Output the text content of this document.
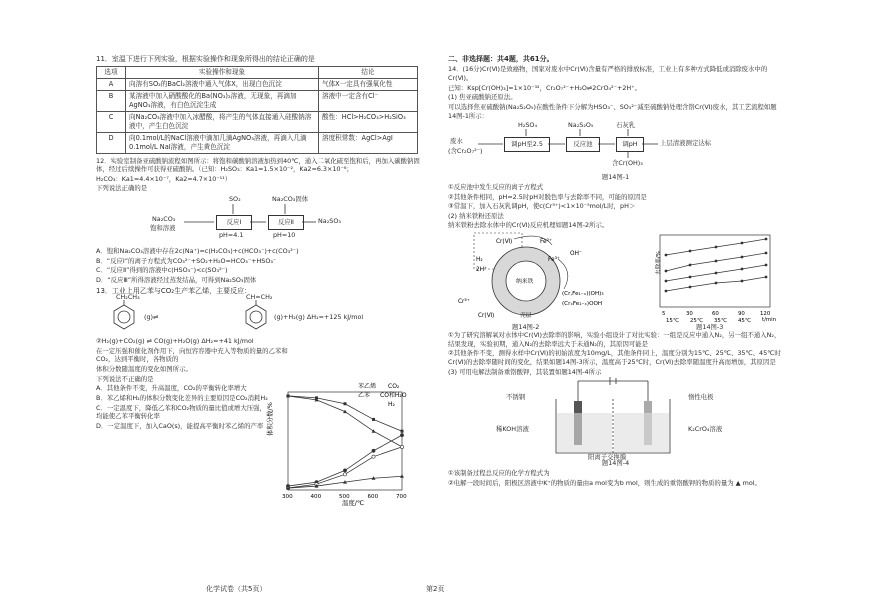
11．室温下进行下列实验，根据实验操作和现象所得出的结论正确的是

选项	实验操作和现象	结论
A	向溶有SO₂的BaCl₂溶液中通入气体X，出现白色沉淀	气体X一定具有强氧化性
B	某溶液中加入硝酸酸化的Ba(NO₃)₂溶液，无现象，再滴加AgNO₃溶液，有白色沉淀生成	溶液中一定含有Cl⁻
C	向Na₂CO₃溶液中加入冰醋酸，将产生的气体直接通入硅酸钠溶液中，产生白色沉淀	酸性：HCl>H₂CO₃>H₂SiO₃
D	向0.1mol/L的NaCl溶液中滴加几滴AgNO₃溶液，再滴入几滴0.1mol/L NaI溶液，产生黄色沉淀	溶度积常数：AgCl>AgI

12．实验室制备亚硫酸钠流程如图所示：将饱和碳酸钠溶液加热到40℃，通入二氧化硫至饱和后，再加入碳酸钠固体，经过后续操作可获得亚硫酸钠。（已知：H₂SO₃：Ka1=1.5×10⁻²，Ka2=6.3×10⁻⁸；

H₂CO₃：Ka1=4.4×10⁻⁷，Ka2=4.7×10⁻¹¹）

下列说法正确的是

SO₂	Na₂CO₃固体
Na₂CO₃
饱和溶液
反应Ⅰ
pH=4.1
反应Ⅱ
pH=10
Na₂SO₃

A．饱和Na₂CO₃溶液中存在2c(Na⁺)=c(H₂CO₃)+c(HCO₃⁻)+c(CO₃²⁻)

B．“反应Ⅰ”的离子方程式为CO₃²⁻+SO₂+H₂O=HCO₃⁻+HSO₃⁻

C．“反应Ⅱ”得到的溶液中c(HSO₃⁻)<c(SO₃²⁻)

D．“反应Ⅲ”所得溶液经过蒸发结晶，可得到Na₂SO₃固体

13．工业上用乙苯与CO₂生产苯乙烯，主要反应：

CH₂CH₃
(g)⇌
CH=CH₂
(g)+H₂(g) ΔH₁=+125 kJ/mol

②H₂(g)+CO₂(g) ⇌ CO(g)+H₂O(g) ΔH₂=+41 kJ/mol

在一定压强和催化剂作用下，向恒容容器中充入等物质的量的乙苯和CO₂，达到平衡时，各物质的

体积分数随温度的变化如图所示。

下列说法不正确的是

A．其他条件不变，升高温度，CO₂的平衡转化率增大

B．苯乙烯和H₂的体积分数变化差异的主要原因是CO₂消耗H₂

C．一定温度下，降低乙苯和CO₂物质的量比值或增大压强，均能使乙苯平衡转化率

D．一定温度下，加入CaO(s)，能提高平衡时苯乙烯的产率

300	400	500	600	700
体积分数/%
温度/℃
苯乙烯 CO₂
乙苯 CO和H₂O
H₂

二、非选择题：共4题，共61分。

14．(16分)Cr(Ⅵ)是致癌物，国家对废水中Cr(Ⅵ)含量有严格的排放标准，工业上有多种方式降低或消除废水中的Cr(Ⅵ)。

已知：Ksp[Cr(OH)₃]=1×10⁻³²，Cr₂O₇²⁻+H₂O⇌2CrO₄²⁻+2H⁺。

(1) 焦亚硫酸钠还原法。

可以选择焦亚硫酸钠(Na₂S₂O₅)在酸性条件下分解为HSO₃⁻、SO₃²⁻减至硫酸钠处理含铬Cr(Ⅵ)废水，其工艺流程如题14图-1所示：

H₂SO₄	Na₂S₂O₅	石灰乳
废水
(含Cr₂O₇²⁻)
调pH至2.5	反应池	调pH	上层清液测定达标
含Cr(OH)₃

题14图-1

①反应池中发生反应的离子方程式

②其他条件相同，pH=2.5时pH对脱色率与去除率不同，可能的原因是

③常温下，加入石灰乳调pH，使c(Cr³⁺)<1×10⁻⁵mol/L时，pH＞

(2) 纳米铁粉还原法

纳米铁粉去除水体中的Cr(Ⅵ)反应机理如题14图-2所示。

Cr(Ⅵ)	Fe²⁺
Fe³⁺
OH⁻
H₂
2H⁺
纳米铁
Cr³⁺
Cr(Ⅵ)
(Cr,Fe₁₋ₓ)(OH)₃
(CrₓFe₁₋ₓ)OOH
壳层
去除率/%
5	30	60	90	120
t/min
15℃ 25℃ 35℃ 45℃
题14图-2	题14图-3

①为了研究溶解氧对水体中Cr(Ⅵ)去除率的影响，实验小组设计了对比实验：一组是反应中通入N₂，另一组不通入N₂，结果发现，实验初期，通入N₂的去除率远大于未通N₂的，其原因可能是

②其他条件不变，测得水样中Cr(Ⅵ)的初始浓度为10mg/L，其他条件同上，温度分别为15℃、25℃、35℃、45℃时Cr(Ⅵ)的去除率随时间的变化，结果如题14图-3所示，温度高于25℃时，Cr(Ⅵ)去除率随温度升高而增加，其原因是

(3) 可用电解法制备重铬酸钾，其装置如题14图-4所示

不锈钢	惰性电极
稀KOH溶液	K₂CrO₄溶液
阳离子交换膜

题14图-4

①该制备过程总反应的化学方程式为

②电解一段时间后，阳极区溶液中K⁺的物质的量由a mol变为b mol，则生成的重铬酸钾的物质的量为 ▲ mol。

化学试卷（共5页）	第2页
